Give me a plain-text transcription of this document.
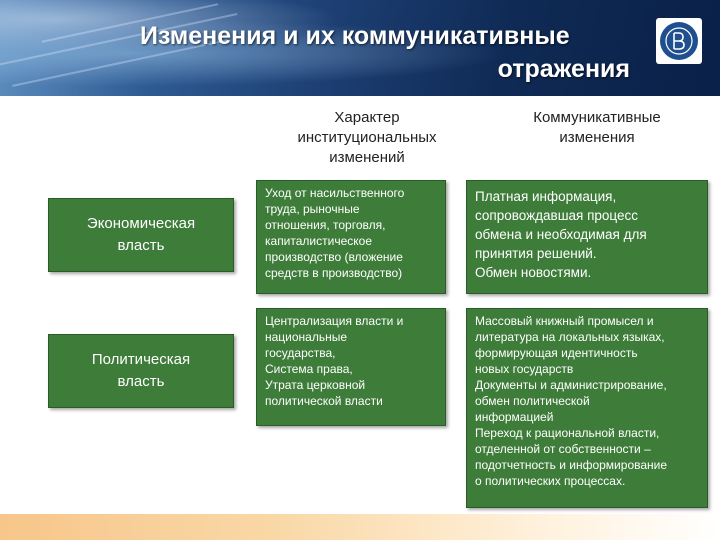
Изменения и их коммуникативные
отражения
Характер
институциональных
изменений
Коммуникативные
изменения
Экономическая
власть
Уход от насильственного
труда, рыночные
отношения, торговля,
капиталистическое
производство (вложение
средств в производство)
Платная информация,
сопровождавшая процесс
обмена и необходимая для
принятия решений.
Обмен новостями.
Политическая
власть
Централизация власти и
национальные
государства,
Система права,
Утрата церковной
политической власти
Массовый книжный промысел и
литература на локальных языках,
формирующая идентичность
новых государств
Документы и администрирование,
обмен политической
информацией
Переход к рациональной власти,
отделенной от собственности –
подотчетность и информирование
о политических процессах.
